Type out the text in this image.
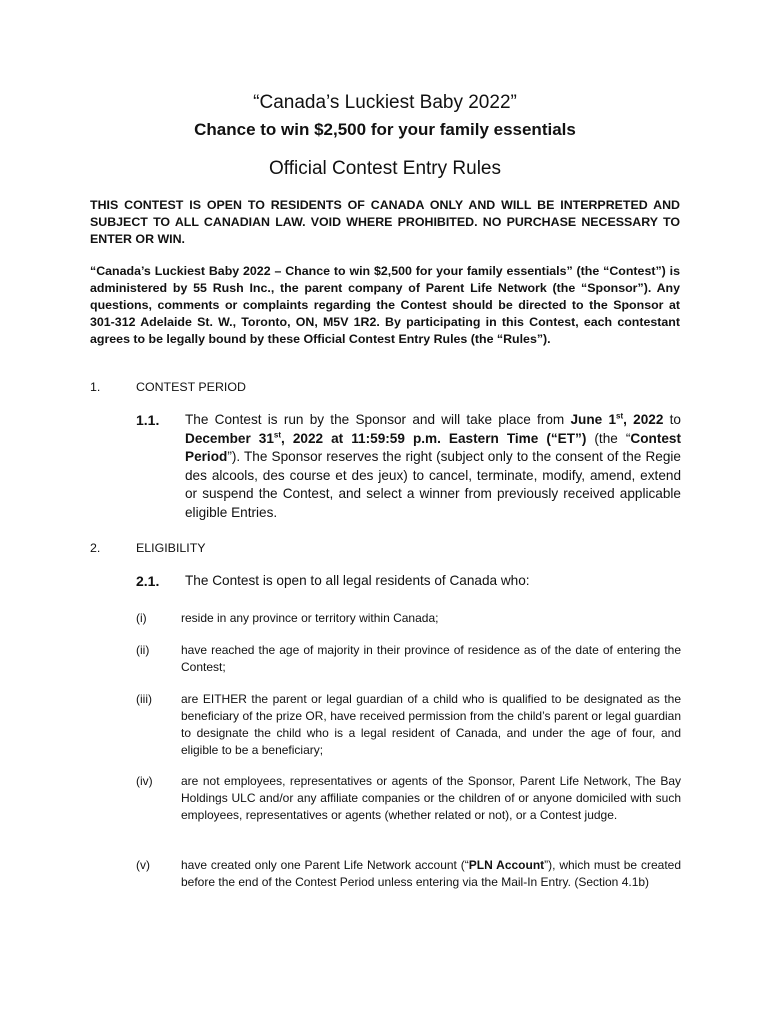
“Canada’s Luckiest Baby 2022”
Chance to win $2,500 for your family essentials
Official Contest Entry Rules

THIS CONTEST IS OPEN TO RESIDENTS OF CANADA ONLY AND WILL BE INTERPRETED AND SUBJECT TO ALL CANADIAN LAW. VOID WHERE PROHIBITED. NO PURCHASE NECESSARY TO ENTER OR WIN.

“Canada’s Luckiest Baby 2022 – Chance to win $2,500 for your family essentials” (the “Contest”) is administered by 55 Rush Inc., the parent company of Parent Life Network (the “Sponsor”). Any questions, comments or complaints regarding the Contest should be directed to the Sponsor at 301-312 Adelaide St. W., Toronto, ON, M5V 1R2. By participating in this Contest, each contestant agrees to be legally bound by these Official Contest Entry Rules (the “Rules”).

1.	CONTEST PERIOD

1.1. The Contest is run by the Sponsor and will take place from June 1st, 2022 to December 31st, 2022 at 11:59:59 p.m. Eastern Time (“ET”) (the “Contest Period”). The Sponsor reserves the right (subject only to the consent of the Regie des alcools, des course et des jeux) to cancel, terminate, modify, amend, extend or suspend the Contest, and select a winner from previously received applicable eligible Entries.

2.	ELIGIBILITY

2.1. The Contest is open to all legal residents of Canada who:

(i)	reside in any province or territory within Canada;

(ii)	have reached the age of majority in their province of residence as of the date of entering the Contest;

(iii) are EITHER the parent or legal guardian of a child who is qualified to be designated as the beneficiary of the prize OR, have received permission from the child’s parent or legal guardian to designate the child who is a legal resident of Canada, and under the age of four, and eligible to be a beneficiary;

(iv) are not employees, representatives or agents of the Sponsor, Parent Life Network, The Bay Holdings ULC and/or any affiliate companies or the children of or anyone domiciled with such employees, representatives or agents (whether related or not), or a Contest judge.

(v)	have created only one Parent Life Network account (“PLN Account”), which must be created before the end of the Contest Period unless entering via the Mail-In Entry. (Section 4.1b)
